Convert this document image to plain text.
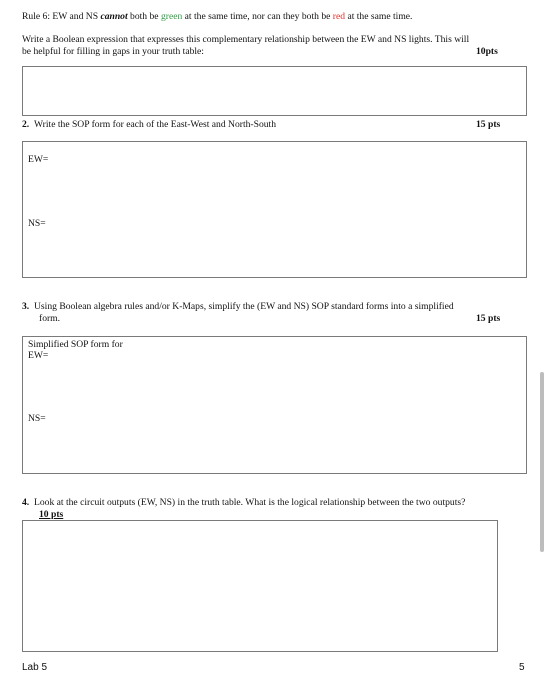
Rule 6: EW and NS cannot both be green at the same time, nor can they both be red at the same time.
Write a Boolean expression that expresses this complementary relationship between the EW and NS lights. This will
be helpful for filling in gaps in your truth table:	10pts
2. Write the SOP form for each of the East-West and North-South	15 pts
EW=
NS=
3. Using Boolean algebra rules and/or K-Maps, simplify the (EW and NS) SOP standard forms into a simplified
form.	15 pts
Simplified SOP form for
EW=
NS=
4. Look at the circuit outputs (EW, NS) in the truth table. What is the logical relationship between the two outputs?
10 pts
Lab 5	5
